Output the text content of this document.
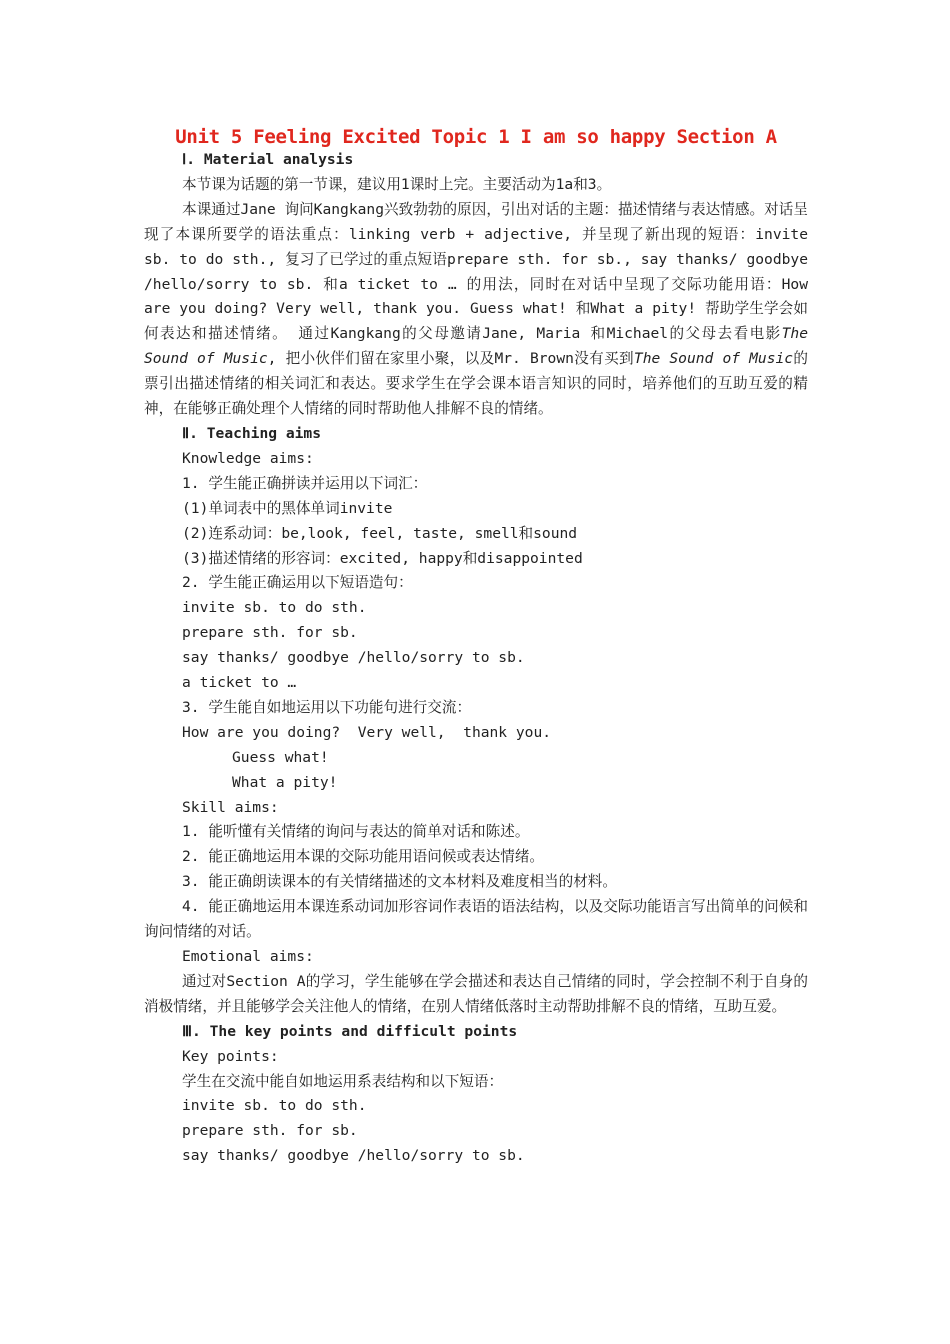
Unit 5 Feeling Excited Topic 1 I am so happy Section A
Ⅰ. Material analysis
本节课为话题的第一节课，建议用1课时上完。主要活动为1a和3。
本课通过Jane 询问Kangkang兴致勃勃的原因，引出对话的主题：描述情绪与表达情感。对话呈现了本课所要学的语法重点：linking verb + adjective, 并呈现了新出现的短语：invite sb. to do sth., 复习了已学过的重点短语prepare sth. for sb., say thanks/ goodbye /hello/sorry to sb. 和a ticket to … 的用法，同时在对话中呈现了交际功能用语：How are you doing? Very well, thank you. Guess what! 和What a pity! 帮助学生学会如何表达和描述情绪。 通过Kangkang的父母邀请Jane, Maria 和Michael的父母去看电影The Sound of Music, 把小伙伴们留在家里小聚，以及Mr. Brown没有买到The Sound of Music的票引出描述情绪的相关词汇和表达。要求学生在学会课本语言知识的同时，培养他们的互助互爱的精神，在能够正确处理个人情绪的同时帮助他人排解不良的情绪。
Ⅱ. Teaching aims
Knowledge aims:
1. 学生能正确拼读并运用以下词汇：
(1)单词表中的黑体单词invite
(2)连系动词：be,look, feel, taste, smell和sound
(3)描述情绪的形容词：excited, happy和disappointed
2. 学生能正确运用以下短语造句：
invite sb. to do sth.
prepare sth. for sb.
say thanks/ goodbye /hello/sorry to sb.
a ticket to …
3. 学生能自如地运用以下功能句进行交流：
How are you doing?  Very well,  thank you.
Guess what!
What a pity!
Skill aims:
1. 能听懂有关情绪的询问与表达的简单对话和陈述。
2. 能正确地运用本课的交际功能用语问候或表达情绪。
3. 能正确朗读课本的有关情绪描述的文本材料及难度相当的材料。
4. 能正确地运用本课连系动词加形容词作表语的语法结构，以及交际功能语言写出简单的问候和询问情绪的对话。
Emotional aims:
通过对Section A的学习，学生能够在学会描述和表达自己情绪的同时，学会控制不利于自身的消极情绪，并且能够学会关注他人的情绪，在别人情绪低落时主动帮助排解不良的情绪，互助互爱。
Ⅲ. The key points and difficult points
Key points:
学生在交流中能自如地运用系表结构和以下短语：
invite sb. to do sth.
prepare sth. for sb.
say thanks/ goodbye /hello/sorry to sb.
